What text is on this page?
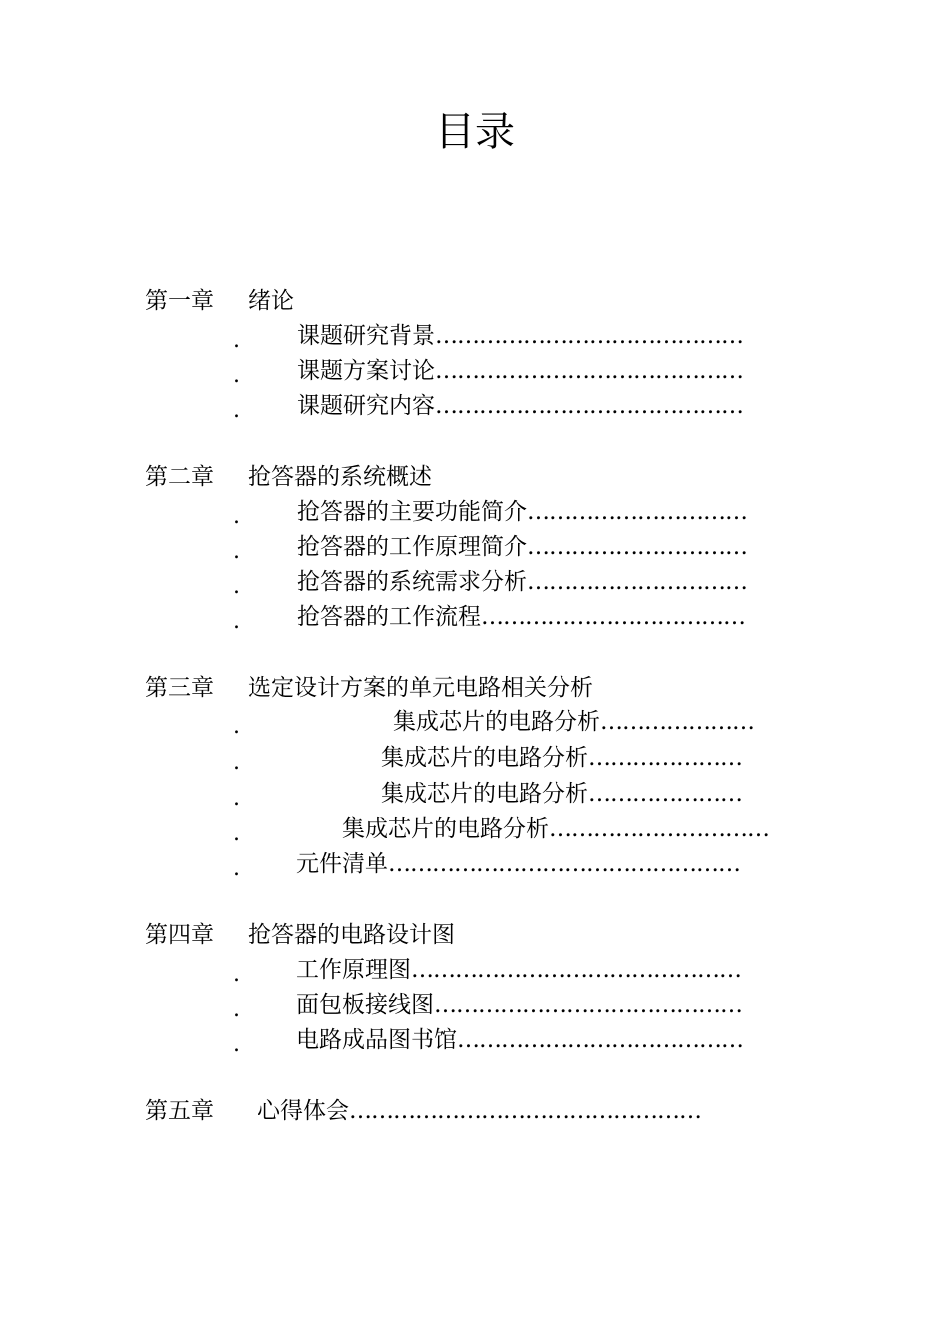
目录
第一章 绪论
. 课题研究背景……………………………………
. 课题方案讨论……………………………………
. 课题研究内容……………………………………
第二章 抢答器的系统概述
. 抢答器的主要功能简介…………………………
. 抢答器的工作原理简介…………………………
. 抢答器的系统需求分析…………………………
. 抢答器的工作流程………………………………
第三章 选定设计方案的单元电路相关分析
.	集成芯片的电路分析…………………
.	集成芯片的电路分析…………………
.	集成芯片的电路分析…………………
.	集成芯片的电路分析…………………………
. 元件清单…………………………………………
第四章 抢答器的电路设计图
. 工作原理图………………………………………
. 面包板接线图……………………………………
. 电路成品图书馆…………………………………
第五章 心得体会…………………………………………
